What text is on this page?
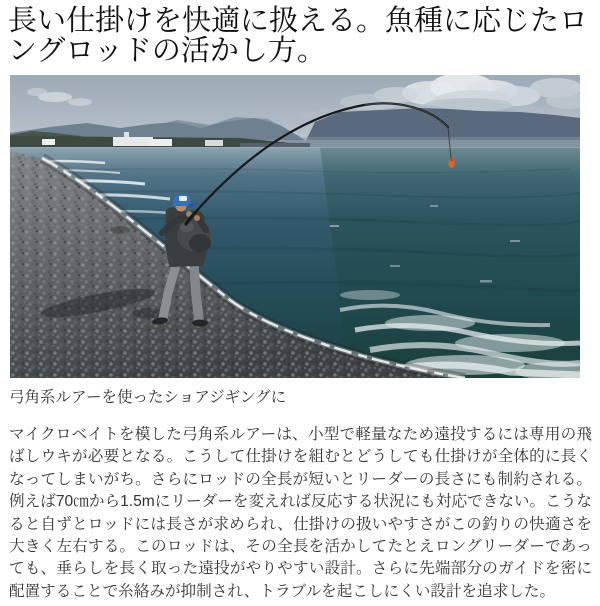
長い仕掛けを快適に扱える。魚種に応じたロングロッドの活かし方。

弓角系ルアーを使ったショアジギングに

マイクロベイトを模した弓角系ルアーは、小型で軽量なため遠投するには専用の飛ばしウキが必要となる。こうして仕掛けを組むとどうしても仕掛けが全体的に長くなってしまいがち。さらにロッドの全長が短いとリーダーの長さにも制約される。例えば70㎝から1.5mにリーダーを変えれば反応する状況にも対応できない。こうなると自ずとロッドには長さが求められ、仕掛けの扱いやすさがこの釣りの快適さを大きく左右する。このロッドは、その全長を活かしてたとえロングリーダーであっても、垂らしを長く取った遠投がやりやすい設計。さらに先端部分のガイドを密に配置することで糸絡みが抑制され、トラブルを起こしにくい設計を追求した。
